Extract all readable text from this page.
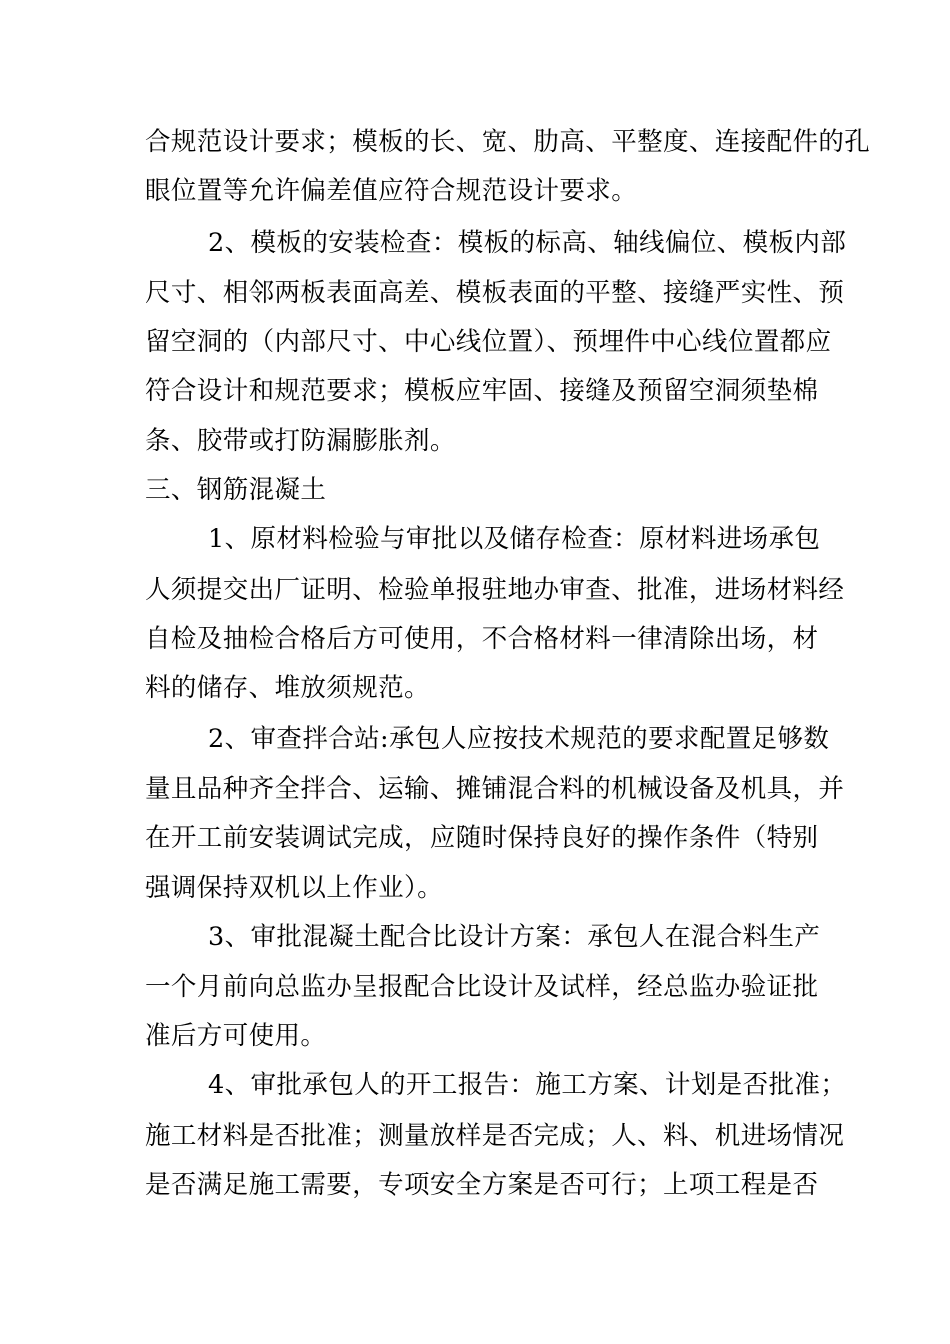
合规范设计要求；模板的长、宽、肋高、平整度、连接配件的孔
眼位置等允许偏差值应符合规范设计要求。
2、模板的安装检查：模板的标高、轴线偏位、模板内部
尺寸、相邻两板表面高差、模板表面的平整、接缝严实性、预
留空洞的（内部尺寸、中心线位置）、预埋件中心线位置都应
符合设计和规范要求；模板应牢固、接缝及预留空洞须垫棉
条、胶带或打防漏膨胀剂。
三、钢筋混凝土
1、原材料检验与审批以及储存检查：原材料进场承包
人须提交出厂证明、检验单报驻地办审查、批准，进场材料经
自检及抽检合格后方可使用，不合格材料一律清除出场，材
料的储存、堆放须规范。
2、审查拌合站:承包人应按技术规范的要求配置足够数
量且品种齐全拌合、运输、摊铺混合料的机械设备及机具，并
在开工前安装调试完成，应随时保持良好的操作条件（特别
强调保持双机以上作业）。
3、审批混凝土配合比设计方案：承包人在混合料生产
一个月前向总监办呈报配合比设计及试样，经总监办验证批
准后方可使用。
4、审批承包人的开工报告：施工方案、计划是否批准；
施工材料是否批准；测量放样是否完成；人、料、机进场情况
是否满足施工需要，专项安全方案是否可行；上项工程是否
